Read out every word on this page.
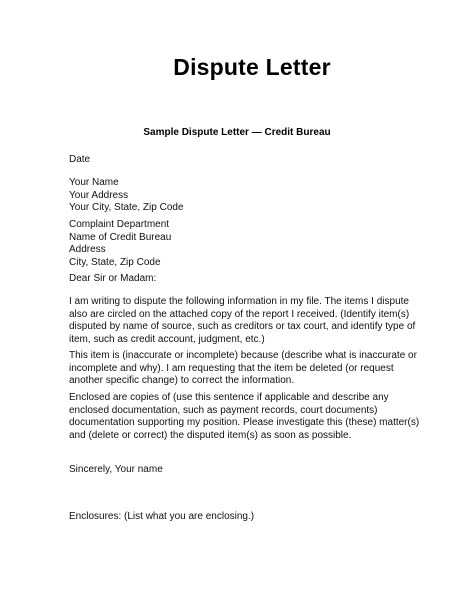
Dispute Letter
Sample Dispute Letter — Credit Bureau
Date
Your Name
Your Address
Your City, State, Zip Code
Complaint Department
Name of Credit Bureau
Address
City, State, Zip Code
Dear Sir or Madam:
I am writing to dispute the following information in my file. The items I dispute
also are circled on the attached copy of the report I received. (Identify item(s)
disputed by name of source, such as creditors or tax court, and identify type of
item, such as credit account, judgment, etc.)
This item is (inaccurate or incomplete) because (describe what is inaccurate or
incomplete and why). I am requesting that the item be deleted (or request
another specific change) to correct the information.
Enclosed are copies of (use this sentence if applicable and describe any
enclosed documentation, such as payment records, court documents)
documentation supporting my position. Please investigate this (these) matter(s)
and (delete or correct) the disputed item(s) as soon as possible.
Sincerely, Your name
Enclosures: (List what you are enclosing.)
